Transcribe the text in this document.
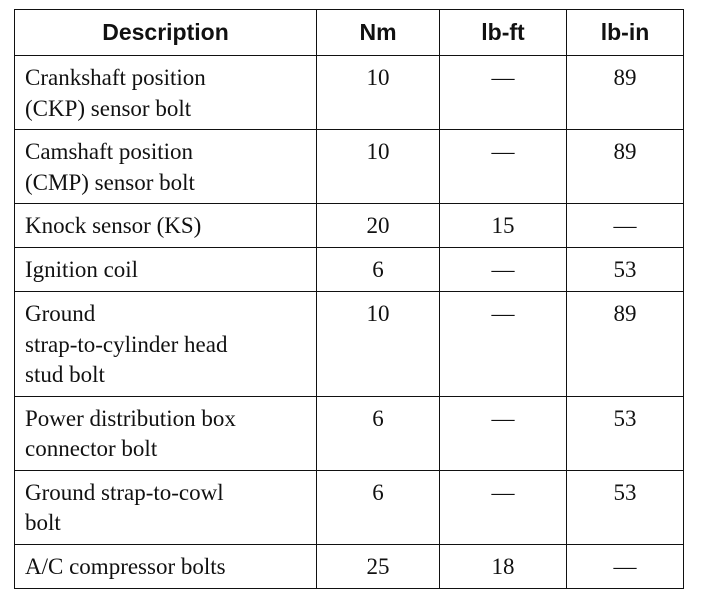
Description	Nm	lb-ft	lb-in
Crankshaft position
(CKP) sensor bolt	10	—	89
Camshaft position
(CMP) sensor bolt	10	—	89
Knock sensor (KS)	20	15	—
Ignition coil	6	—	53
Ground
strap-to-cylinder head
stud bolt	10	—	89
Power distribution box
connector bolt	6	—	53
Ground strap-to-cowl
bolt	6	—	53
A/C compressor bolts	25	18	—
